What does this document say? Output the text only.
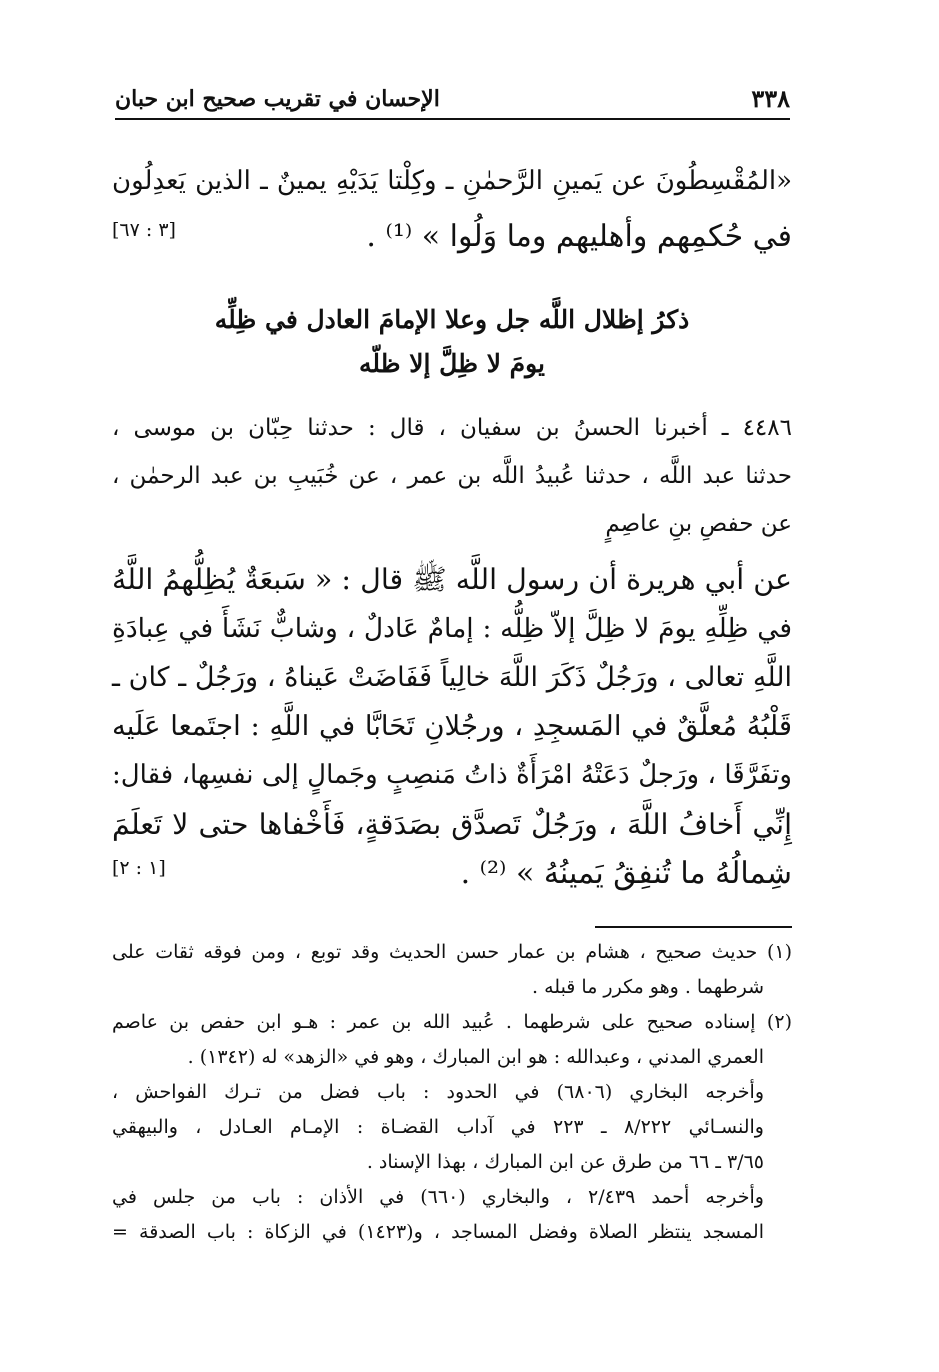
٣٣٨
الإحسان في تقريب صحيح ابن حبان
«المُقْسِطُونَ عن يَمينِ الرَّحمٰنِ ـ وكِلْتا يَدَيْهِ يمينٌ ـ الذين يَعدِلُون
في حُكمِهم وأهليهم وما وَلُوا » ⁽¹⁾ .
[٣ : ٦٧]
ذكرُ إظلال اللَّه جل وعلا الإمامَ العادل في ظِلِّه
يومَ لا ظِلَّ إلا ظلّه
٤٤٨٦ ـ أخبرنا الحسنُ بن سفيان ، قال : حدثنا حِبّان بن موسى ،
حدثنا عبد اللَّه ، حدثنا عُبيدُ اللَّه بن عمر ، عن خُبَيبِ بن عبد الرحمٰن ،
عن حفصِ بنِ عاصِمٍ
عن أبي هريرة أن رسول اللَّه ﷺ قال : « سَبعَةٌ يُظِلُّهمُ اللَّهُ
في ظِلِّهِ يومَ لا ظِلَّ إلاّ ظِلُّه : إمامٌ عَادلٌ ، وشابٌّ نَشَأَ في عِبادَةِ
اللَّهِ تعالى ، ورَجُلٌ ذَكَرَ اللَّهَ خالِياً فَفَاضَتْ عَيناهُ ، ورَجُلٌ ـ كان ـ
قَلْبُهُ مُعلَّقٌ في المَسجِدِ ، ورجُلانِ تَحَابَّا في اللَّهِ : اجتَمعا عَلَيه
وتفَرَّقَا ، ورَجلٌ دَعَتْهُ امْرَأَةٌ ذاتُ مَنصِبٍ وجَمالٍ إلى نفسِها، فقال:
إِنِّي أَخافُ اللَّهَ ، ورَجُلٌ تَصدَّق بصَدَقةٍ، فَأَخْفاها حتى لا تَعلَمَ
شِمالُهُ ما تُنفِقُ يَمينُهُ » ⁽²⁾ .
[١ : ٢]
(١) حديث صحيح ، هشام بن عمار حسن الحديث وقد توبع ، ومن فوقه ثقات على
شرطهما . وهو مكرر ما قبله .
(٢) إسناده صحيح على شرطهما . عُبيد الله بن عمر : هـو ابن حفص بن عاصم
العمري المدني ، وعبدالله : هو ابن المبارك ، وهو في «الزهد» له (١٣٤٢) .
وأخرجه البخاري (٦٨٠٦) في الحدود : باب فضل من تـرك الفواحش ،
والنسـائي ٨/٢٢٢ ـ ٢٢٣ في آداب القضـاة : الإمـام العـادل ، والبيهقي
٣/٦٥ ـ ٦٦ من طرق عن ابن المبارك ، بهذا الإسناد .
وأخرجه أحمد ٢/٤٣٩ ، والبخاري (٦٦٠) في الأذان : باب من جلس في
المسجد ينتظر الصلاة وفضل المساجد ، و(١٤٢٣) في الزكاة : باب الصدقة =
